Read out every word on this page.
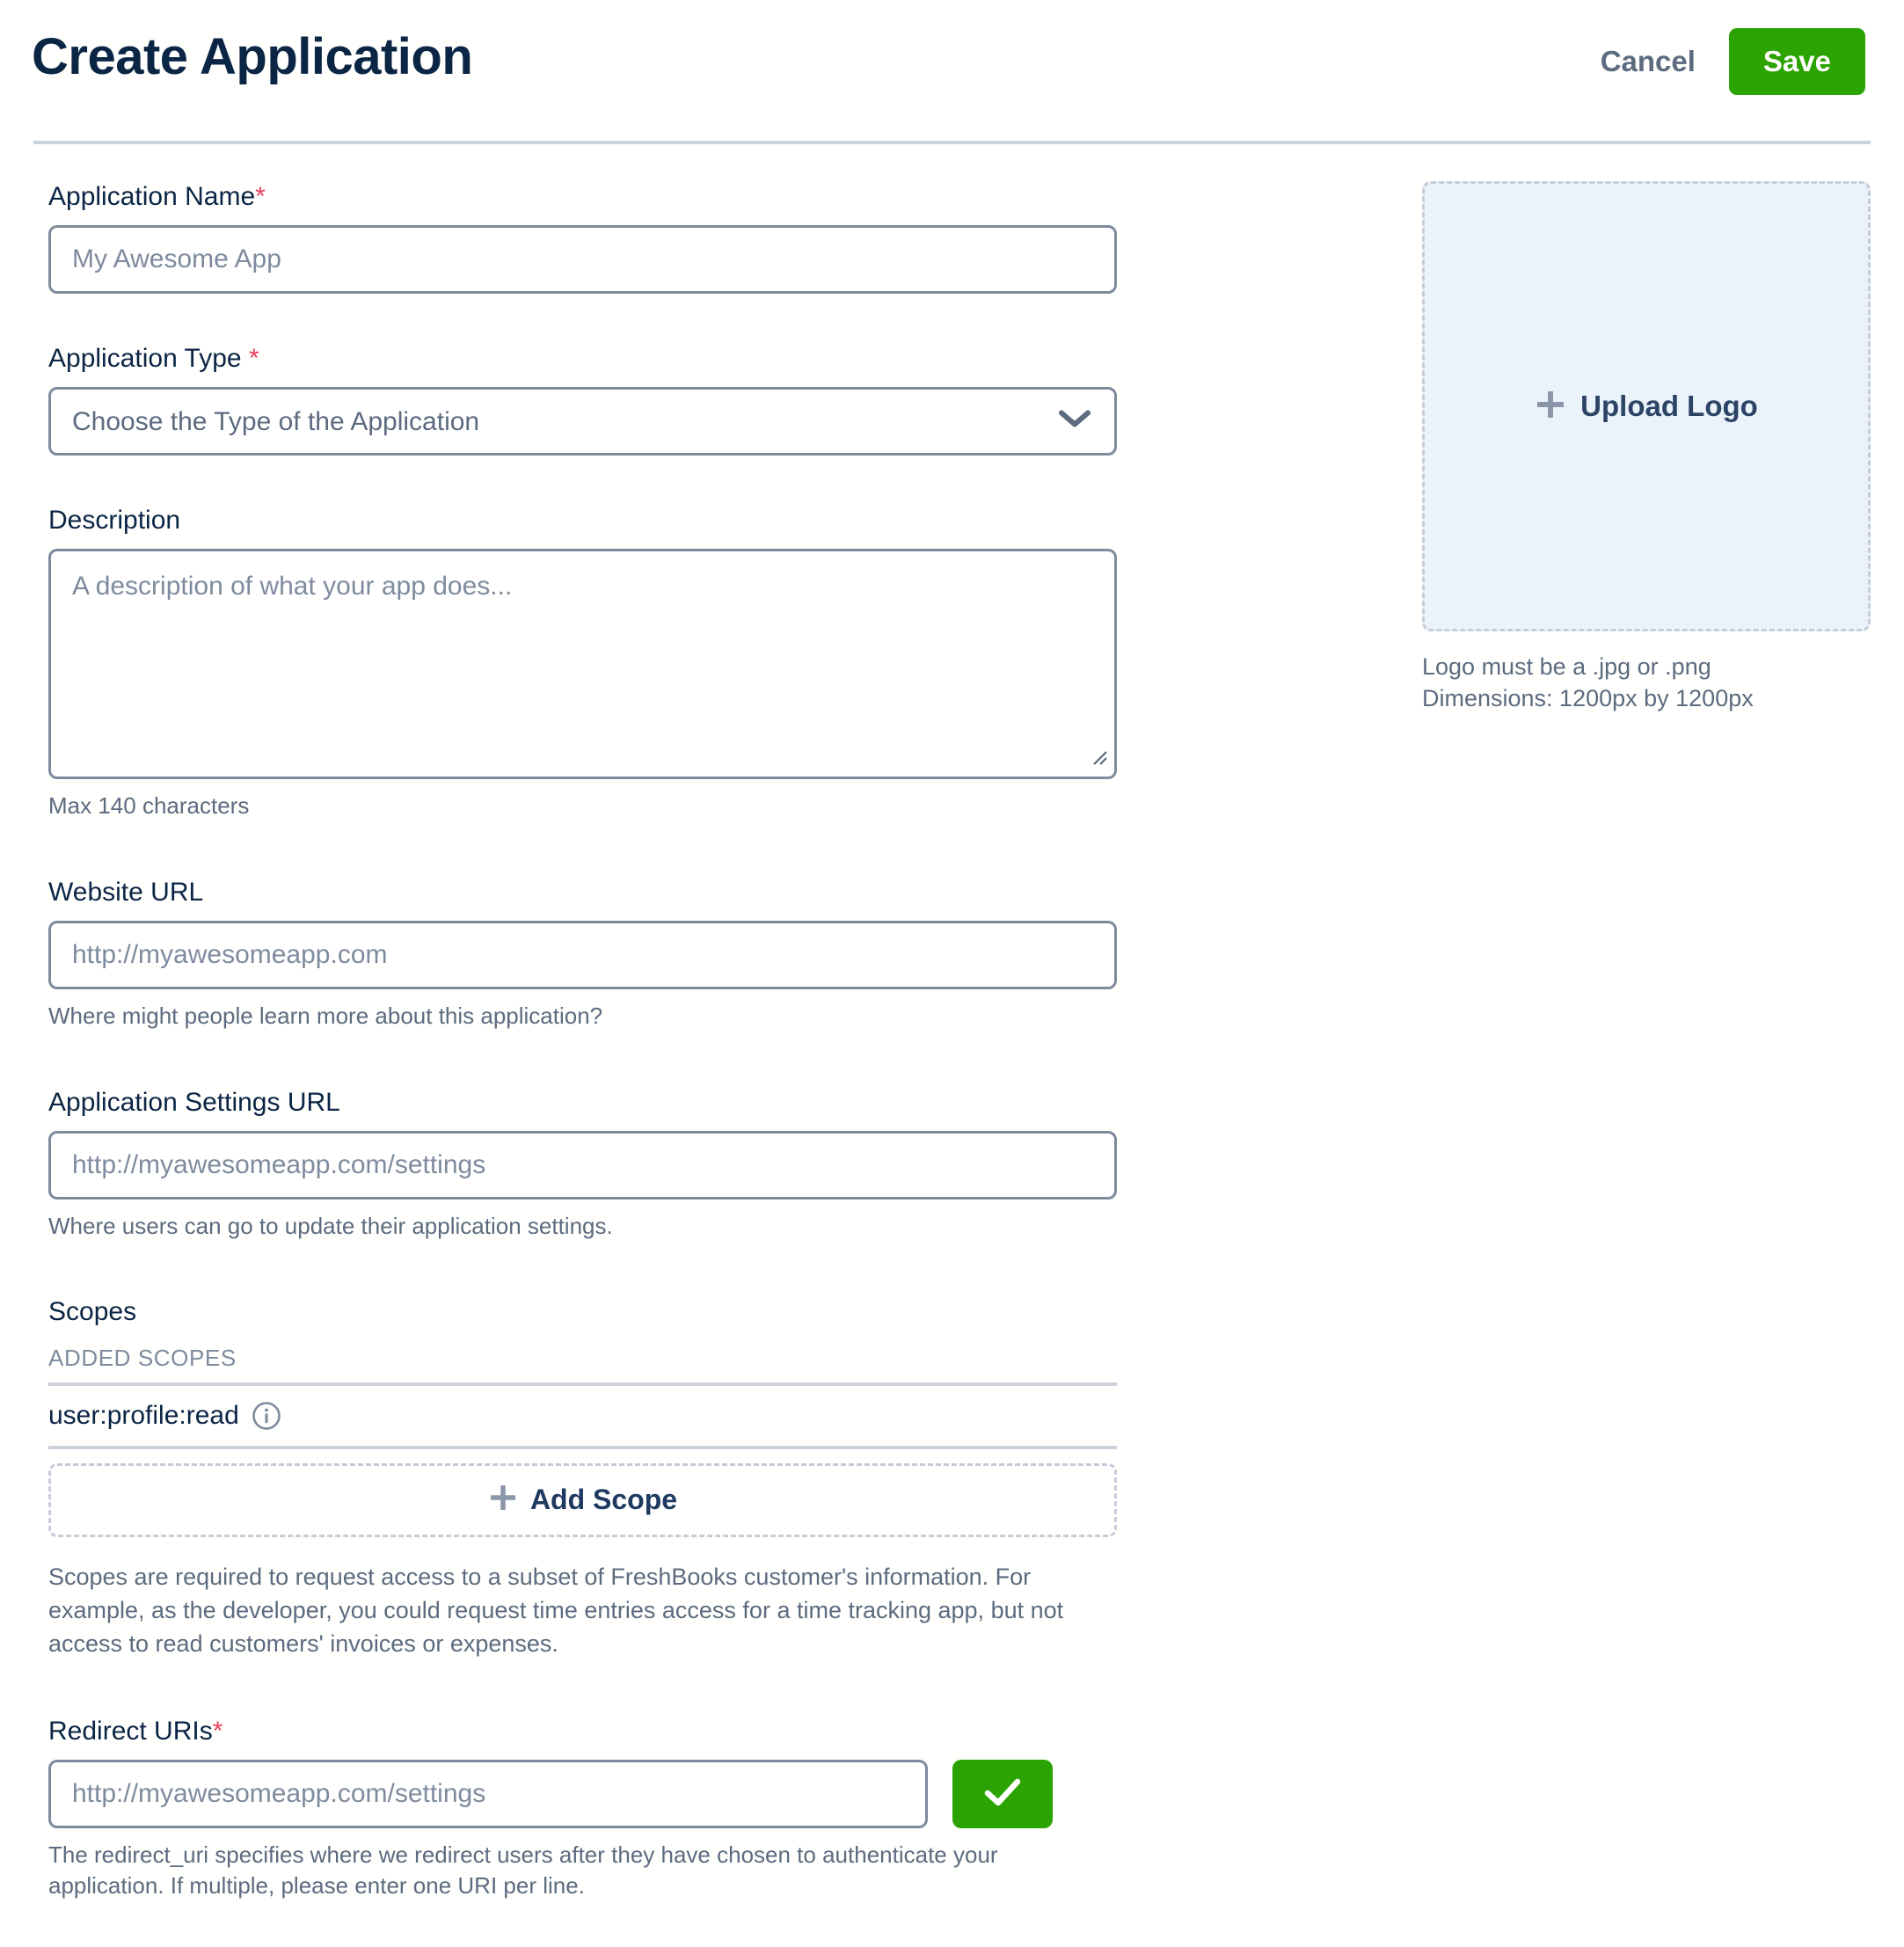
Create Application	Cancel	Save
Application Name*
My Awesome App
Application Type *
Choose the Type of the Application
Description
A description of what your app does...
Max 140 characters
Website URL
http://myawesomeapp.com
Where might people learn more about this application?
Application Settings URL
http://myawesomeapp.com/settings
Where users can go to update their application settings.
Scopes
ADDED SCOPES
user:profile:read
Add Scope
Scopes are required to request access to a subset of FreshBooks customer's information. For example, as the developer, you could request time entries access for a time tracking app, but not access to read customers' invoices or expenses.
Redirect URIs*
http://myawesomeapp.com/settings
The redirect_uri specifies where we redirect users after they have chosen to authenticate your application. If multiple, please enter one URI per line.
Upload Logo
Logo must be a .jpg or .png
Dimensions: 1200px by 1200px
